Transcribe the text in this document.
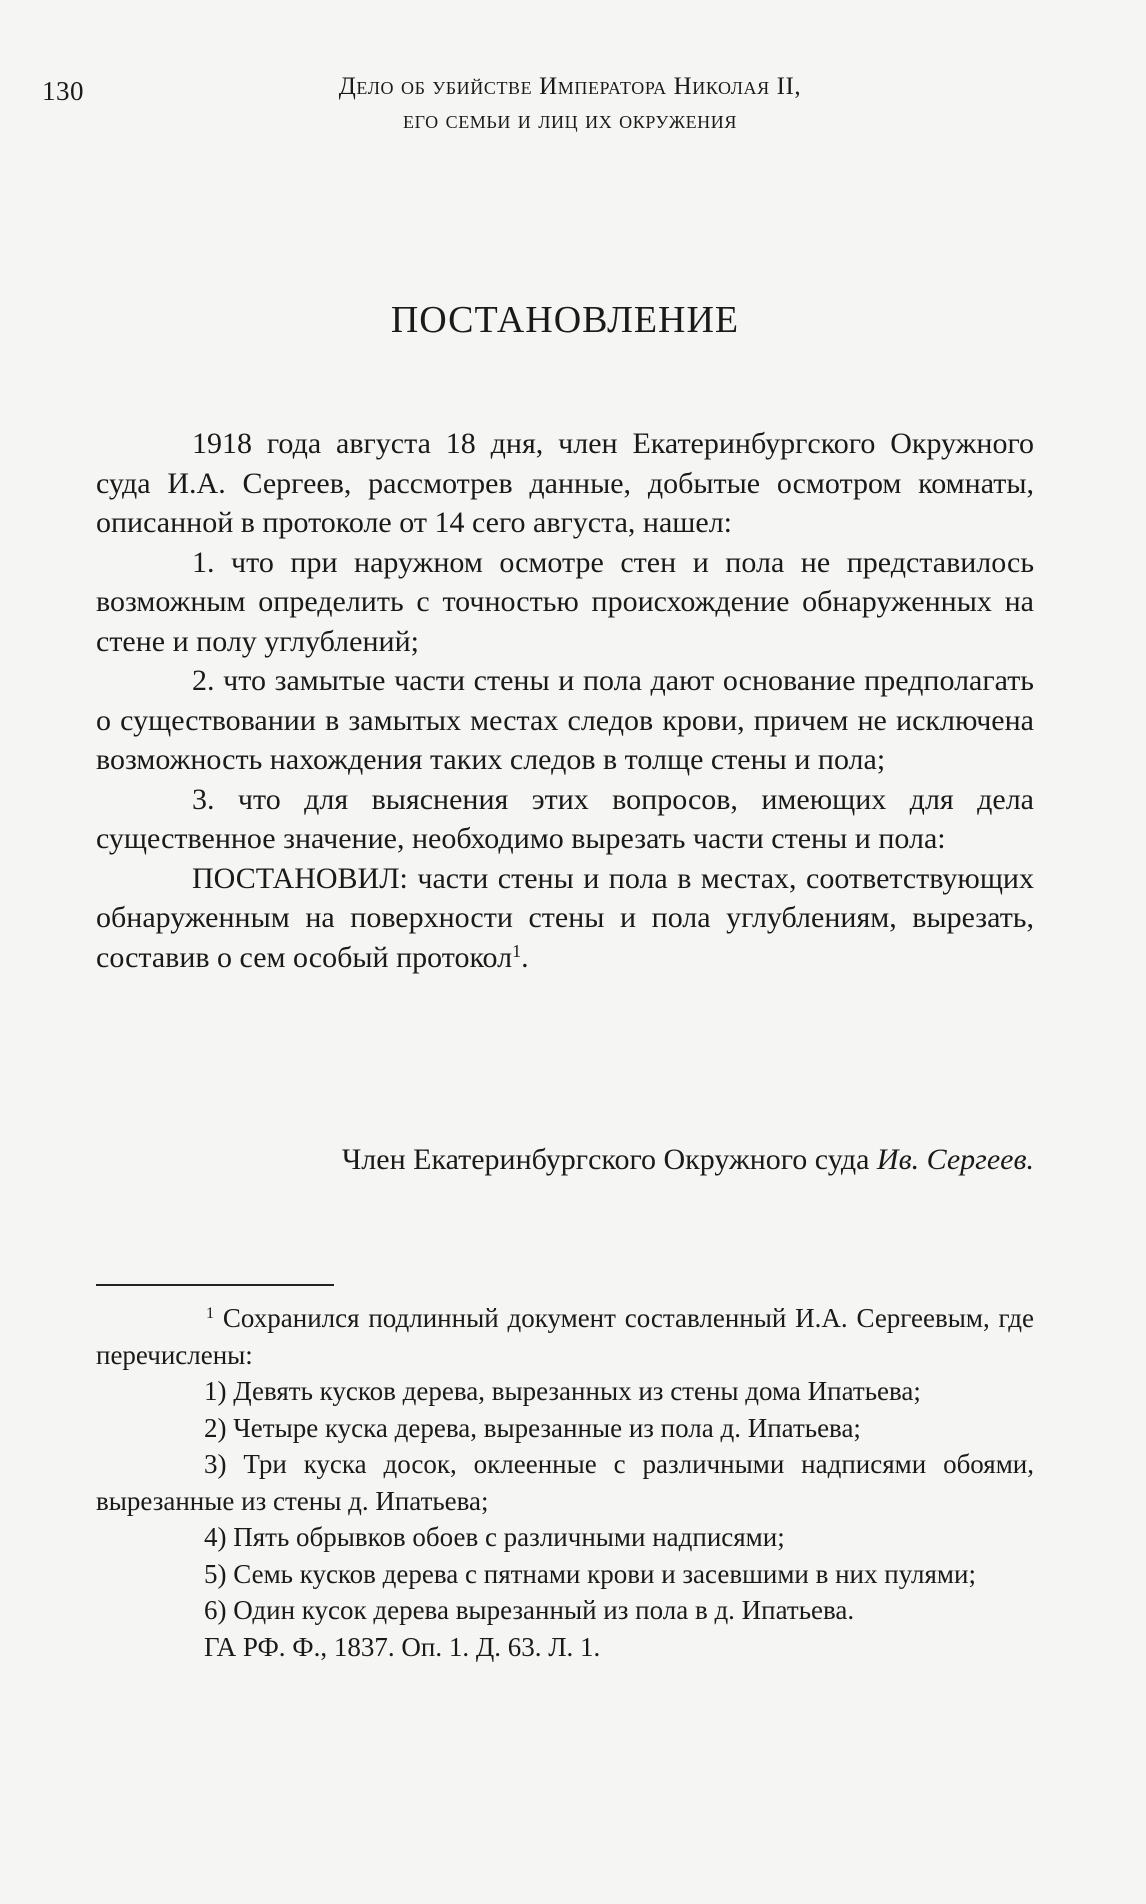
130	Дело об убийстве Императора Николая II,
его семьи и лиц их окружения
ПОСТАНОВЛЕНИЕ

1918 года августа 18 дня, член Екатеринбургского Окружного суда И.А. Сергеев, рассмотрев данные, добытые осмотром комнаты, описанной в протоколе от 14 сего августа, нашел:

1. что при наружном осмотре стен и пола не представилось возможным определить с точностью происхождение обнаруженных на стене и полу углублений;

2. что замытые части стены и пола дают основание предполагать о существовании в замытых местах следов крови, причем не исключена возможность нахождения таких следов в толще стены и пола;

3. что для выяснения этих вопросов, имеющих для дела существенное значение, необходимо вырезать части стены и пола:

ПОСТАНОВИЛ: части стены и пола в местах, соответствующих обнаруженным на поверхности стены и пола углублениям, вырезать, составив о сем особый протокол$^1$.

Член Екатеринбургского Окружного суда Ив. Сергеев.

$^1$ Сохранился подлинный документ составленный И.А. Сергеевым, где перечислены:

1) Девять кусков дерева, вырезанных из стены дома Ипатьева;

2) Четыре куска дерева, вырезанные из пола д. Ипатьева;

3) Три куска досок, оклеенные с различными надписями обоями, вырезанные из стены д. Ипатьева;

4) Пять обрывков обоев с различными надписями;

5) Семь кусков дерева с пятнами крови и засевшими в них пулями;

6) Один кусок дерева вырезанный из пола в д. Ипатьева.

ГА РФ. Ф., 1837. Оп. 1. Д. 63. Л. 1.
